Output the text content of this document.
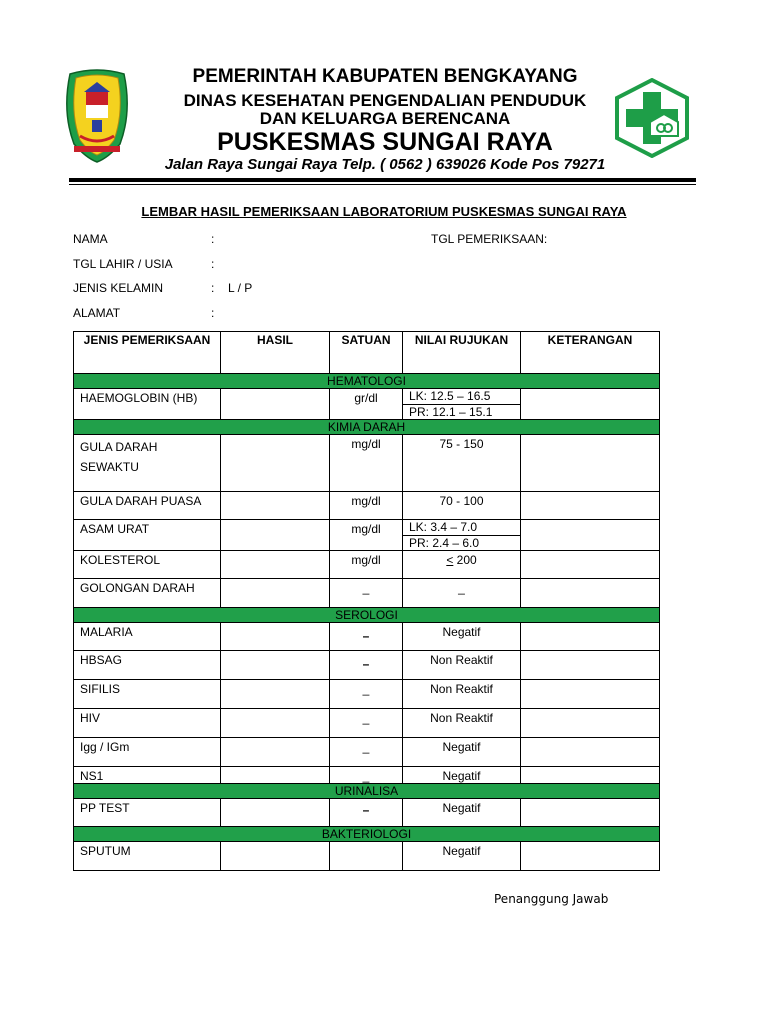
PEMERINTAH KABUPATEN BENGKAYANG
DINAS KESEHATAN PENGENDALIAN PENDUDUK
DAN KELUARGA BERENCANA
PUSKESMAS SUNGAI RAYA
Jalan Raya Sungai Raya Telp. ( 0562 ) 639026 Kode Pos 79271
LEMBAR HASIL PEMERIKSAAN LABORATORIUM PUSKESMAS SUNGAI RAYA
NAMA	:	TGL PEMERIKSAAN:
TGL LAHIR / USIA	:
JENIS KELAMIN	: L / P
ALAMAT	:
JENIS PEMERIKSAAN	HASIL	SATUAN	NILAI RUJUKAN	KETERANGAN
HEMATOLOGI				
HAEMOGLOBIN (HB)		gr/dl	LK: 12.5 – 16.5
PR: 12.1 – 15.1	

KIMIA DARAH				

GULA DARAH
SEWAKTU		mg/dl	75 - 150	
GULA DARAH PUASA		mg/dl	70 - 100	
ASAM URAT		mg/dl	LK: 3.4 – 7.0
PR: 2.4 – 6.0	

KOLESTEROL		mg/dl	< 200	
GOLONGAN DARAH		_	_	
SEROLOGI				
MALARIA		–	Negatif	
HBSAG		–	Non Reaktif	
SIFILIS		_	Non Reaktif	
HIV		_	Non Reaktif	
Igg / IGm		_	Negatif	
NS1		_	Negatif	
URINALISA				
PP TEST		–	Negatif	
BAKTERIOLOGI				
SPUTUM			Negatif	
Penanggung Jawab
